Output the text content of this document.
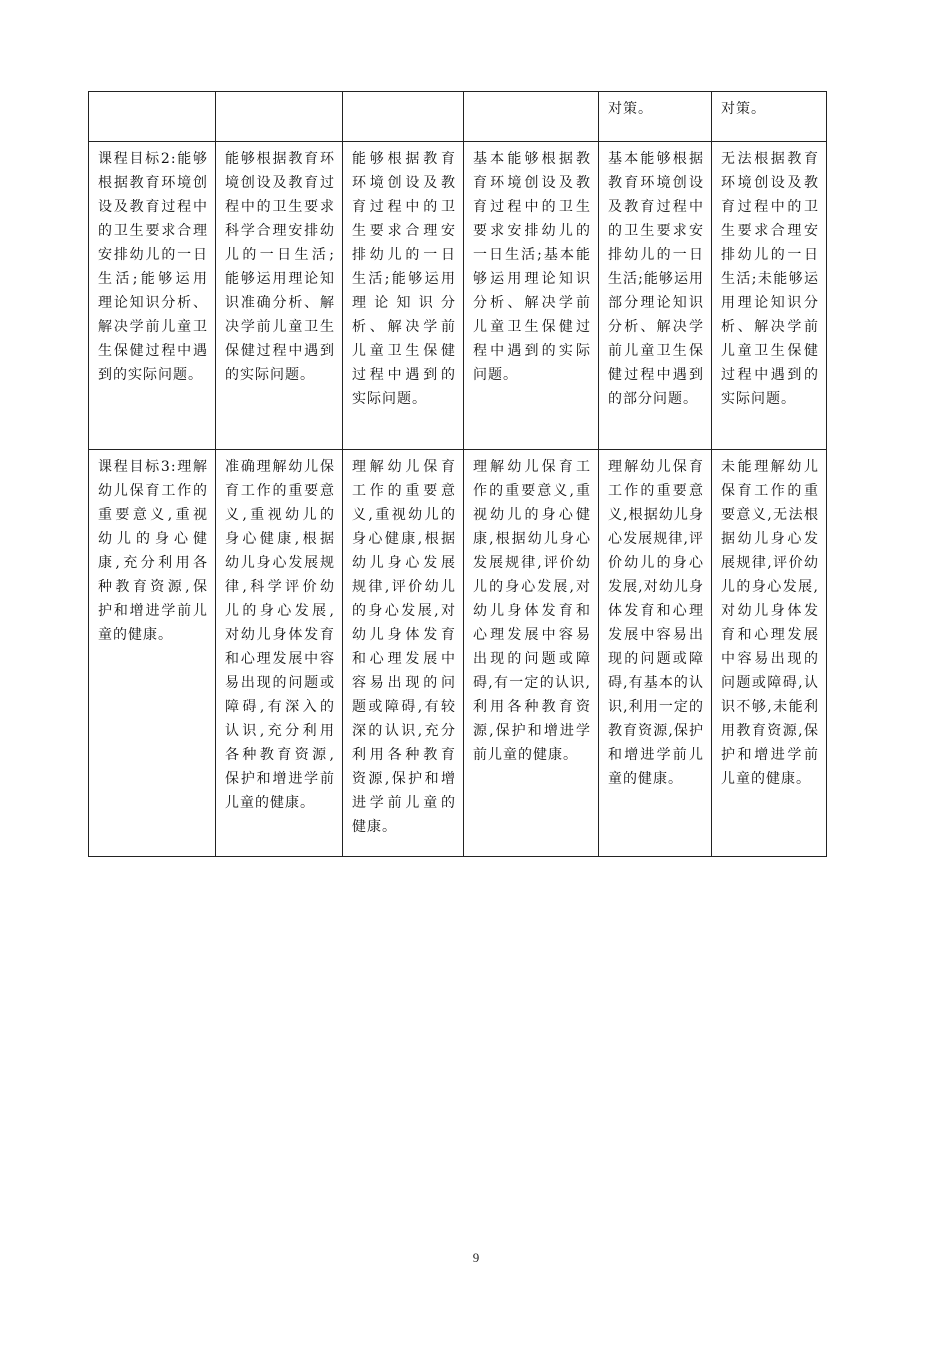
				对策。	对策。
课程目标2:能够根据教育环境创设及教育过程中的卫生要求合理安排幼儿的一日生活;能够运用理论知识分析、解决学前儿童卫生保健过程中遇到的实际问题。	能够根据教育环境创设及教育过程中的卫生要求科学合理安排幼儿的一日生活;能够运用理论知识准确分析、解决学前儿童卫生保健过程中遇到的实际问题。	能够根据教育环境创设及教育过程中的卫生要求合理安排幼儿的一日生活;能够运用理论知识分析、解决学前儿童卫生保健过程中遇到的实际问题。	基本能够根据教育环境创设及教育过程中的卫生要求安排幼儿的一日生活;基本能够运用理论知识分析、解决学前儿童卫生保健过程中遇到的实际问题。	基本能够根据教育环境创设及教育过程中的卫生要求安排幼儿的一日生活;能够运用部分理论知识分析、解决学前儿童卫生保健过程中遇到的部分问题。	无法根据教育环境创设及教育过程中的卫生要求合理安排幼儿的一日生活;未能够运用理论知识分析、解决学前儿童卫生保健过程中遇到的实际问题。
课程目标3:理解幼儿保育工作的重要意义,重视幼儿的身心健康,充分利用各种教育资源,保护和增进学前儿童的健康。	准确理解幼儿保育工作的重要意义,重视幼儿的身心健康,根据幼儿身心发展规律,科学评价幼儿的身心发展,对幼儿身体发育和心理发展中容易出现的问题或障碍,有深入的认识,充分利用各种教育资源,保护和增进学前儿童的健康。	理解幼儿保育工作的重要意义,重视幼儿的身心健康,根据幼儿身心发展规律,评价幼儿的身心发展,对幼儿身体发育和心理发展中容易出现的问题或障碍,有较深的认识,充分利用各种教育资源,保护和增进学前儿童的健康。	理解幼儿保育工作的重要意义,重视幼儿的身心健康,根据幼儿身心发展规律,评价幼儿的身心发展,对幼儿身体发育和心理发展中容易出现的问题或障碍,有一定的认识,利用各种教育资源,保护和增进学前儿童的健康。	理解幼儿保育工作的重要意义,根据幼儿身心发展规律,评价幼儿的身心发展,对幼儿身体发育和心理发展中容易出现的问题或障碍,有基本的认识,利用一定的教育资源,保护和增进学前儿童的健康。	未能理解幼儿保育工作的重要意义,无法根据幼儿身心发展规律,评价幼儿的身心发展,对幼儿身体发育和心理发展中容易出现的问题或障碍,认识不够,未能利用教育资源,保护和增进学前儿童的健康。
9
